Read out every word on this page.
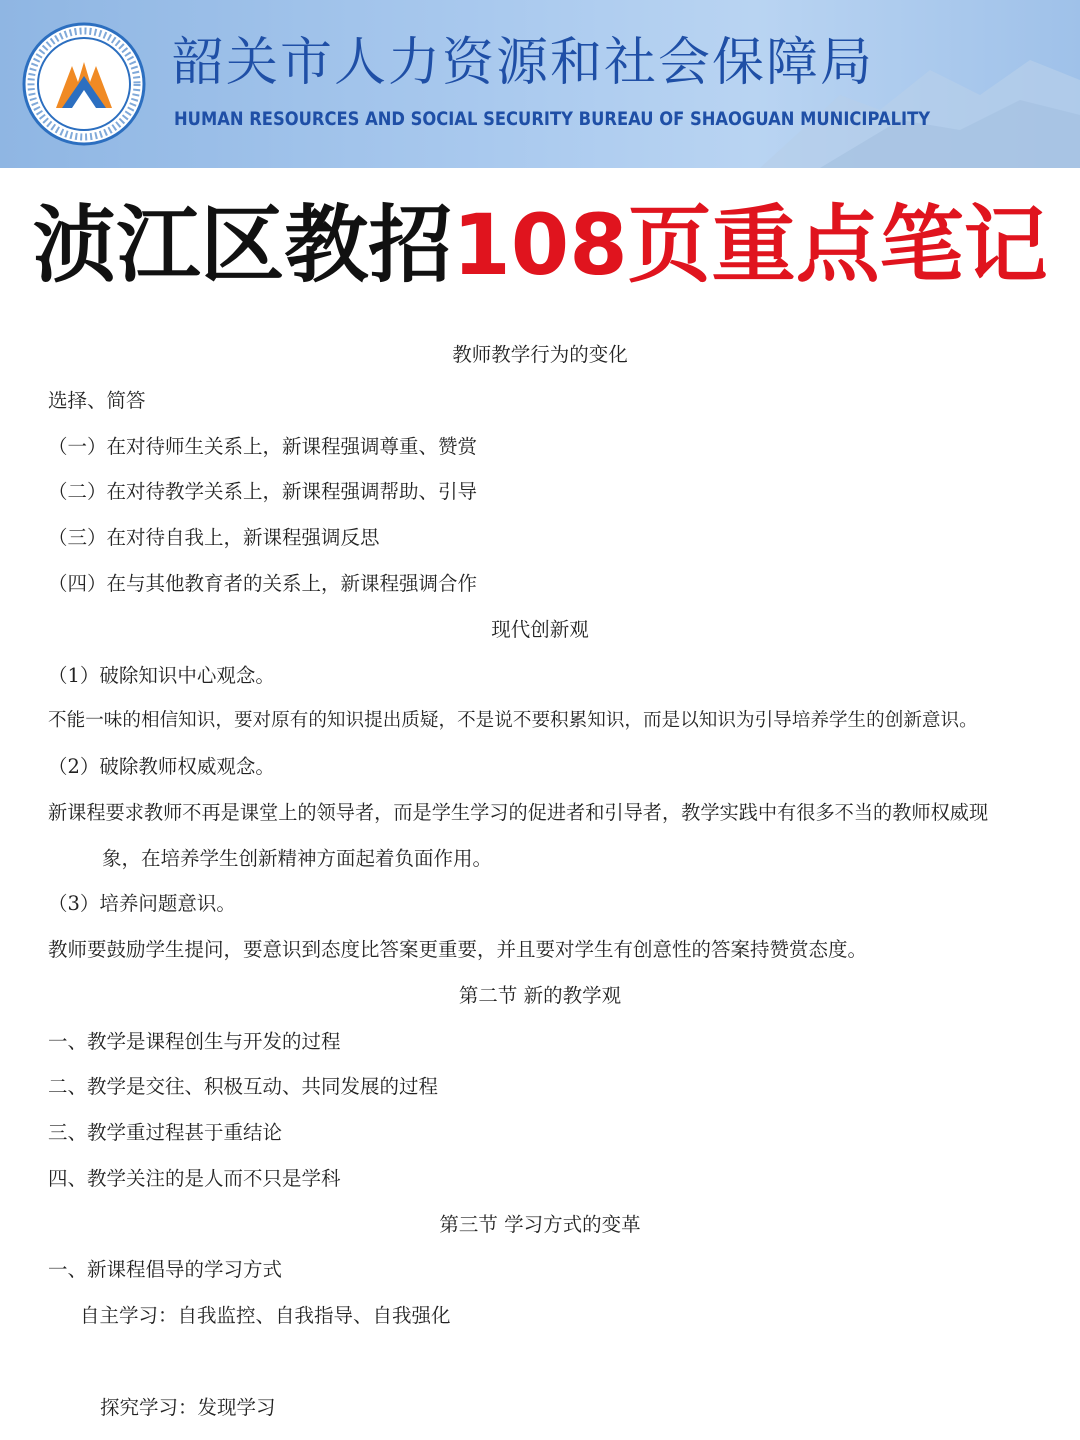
韶关市人力资源和社会保障局
HUMAN RESOURCES AND SOCIAL SECURITY BUREAU OF SHAOGUAN MUNICIPALITY
浈江区教招108页重点笔记
教师教学行为的变化
选择、简答
（一）在对待师生关系上，新课程强调尊重、赞赏
（二）在对待教学关系上，新课程强调帮助、引导
（三）在对待自我上，新课程强调反思
（四）在与其他教育者的关系上，新课程强调合作
现代创新观
（1）破除知识中心观念。
不能一味的相信知识，要对原有的知识提出质疑，不是说不要积累知识，而是以知识为引导培养学生的创新意识。
（2）破除教师权威观念。
新课程要求教师不再是课堂上的领导者，而是学生学习的促进者和引导者，教学实践中有很多不当的教师权威现
象，在培养学生创新精神方面起着负面作用。
（3）培养问题意识。
教师要鼓励学生提问，要意识到态度比答案更重要，并且要对学生有创意性的答案持赞赏态度。
第二节 新的教学观
一、教学是课程创生与开发的过程
二、教学是交往、积极互动、共同发展的过程
三、教学重过程甚于重结论
四、教学关注的是人而不只是学科
第三节 学习方式的变革
一、新课程倡导的学习方式
自主学习：自我监控、自我指导、自我强化
探究学习：发现学习
